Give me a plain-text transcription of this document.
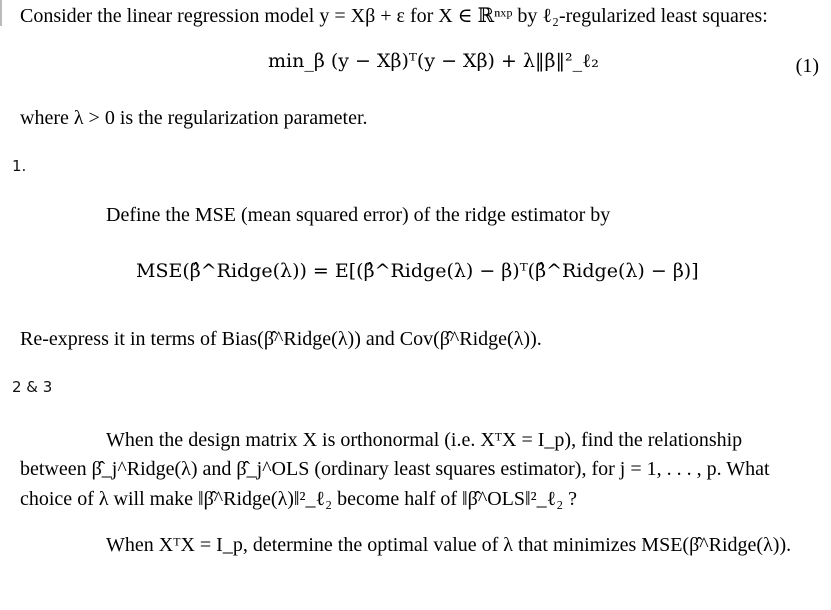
Consider the linear regression model y = Xβ + ε for X ∈ ℝⁿˣᵖ by ℓ₂-regularized least squares:
min_β (y − Xβ)ᵀ(y − Xβ) + λ‖β‖²_ℓ₂	(1)
where λ > 0 is the regularization parameter.
1.
Define the MSE (mean squared error) of the ridge estimator by
MSE(β̂^Ridge(λ)) = E[(β̂^Ridge(λ) − β)ᵀ(β̂^Ridge(λ) − β)]
Re-express it in terms of Bias(β̂^Ridge(λ)) and Cov(β̂^Ridge(λ)).
2 & 3
When the design matrix X is orthonormal (i.e. XᵀX = I_p), find the relationship
between β̂_j^Ridge(λ) and β̂_j^OLS (ordinary least squares estimator), for j = 1, . . . , p. What
choice of λ will make ‖β̂^Ridge(λ)‖²_ℓ₂ become half of ‖β̂^OLS‖²_ℓ₂ ?
When XᵀX = I_p, determine the optimal value of λ that minimizes MSE(β̂^Ridge(λ)).
